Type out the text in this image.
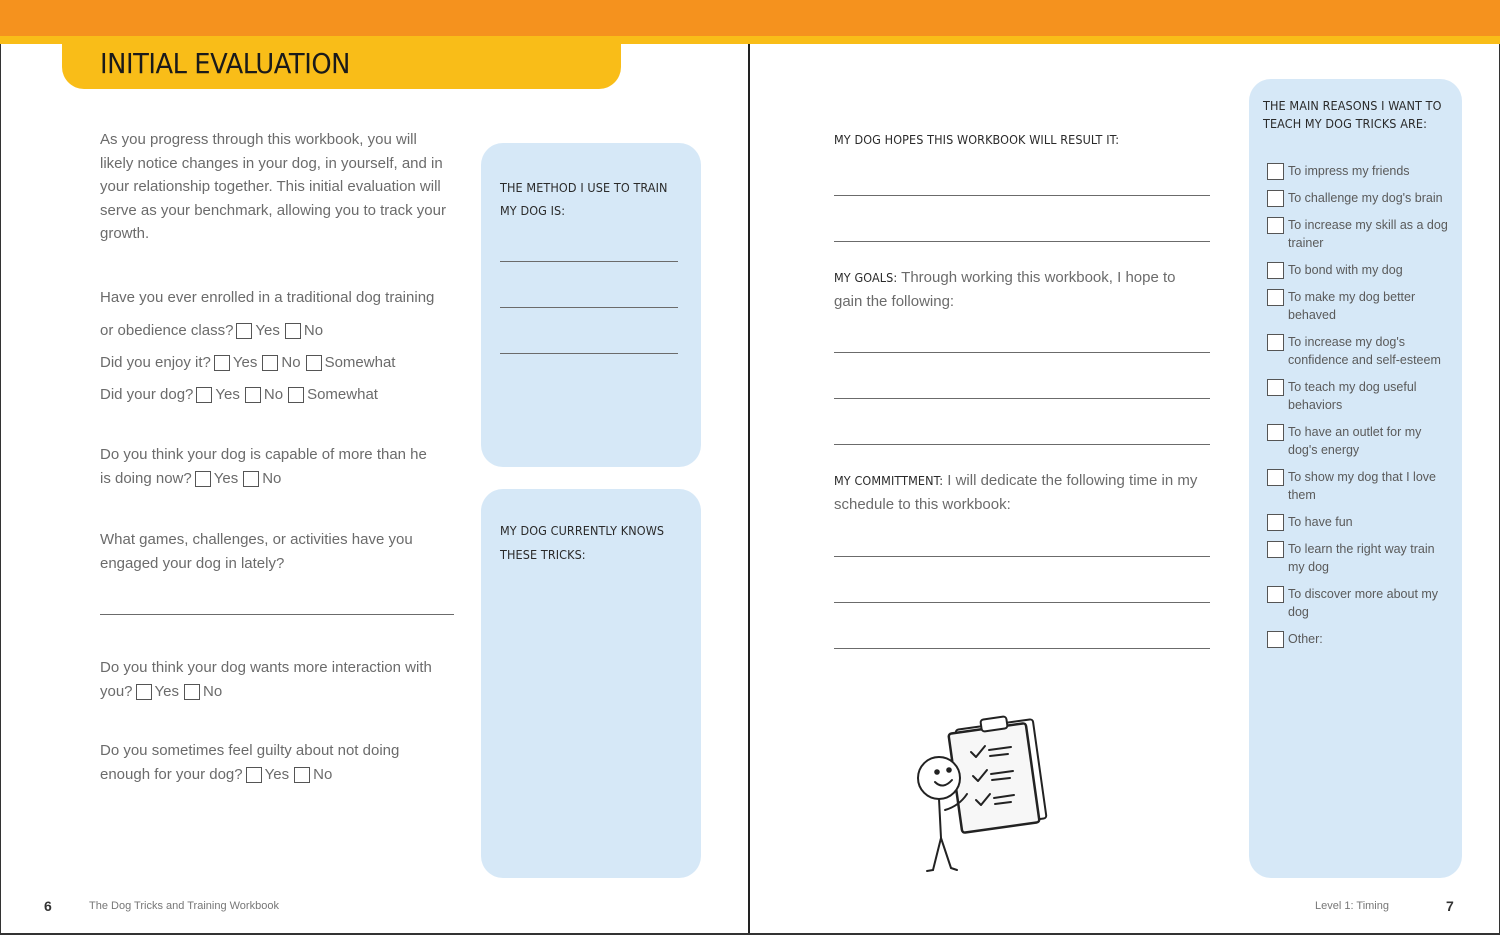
INITIAL EVALUATION
As you progress through this workbook, you will likely notice changes in your dog, in yourself, and in your relationship together. This initial evaluation will serve as your benchmark, allowing you to track your growth.
Have you ever enrolled in a traditional dog training
or obedience class? Yes No
Did you enjoy it? Yes No Somewhat
Did your dog? Yes No Somewhat
Do you think your dog is capable of more than he
is doing now? Yes No
What games, challenges, or activities have you engaged your dog in lately?
Do you think your dog wants more interaction with
you? Yes No
Do you sometimes feel guilty about not doing
enough for your dog? Yes No
THE METHOD I USE TO TRAIN
MY DOG IS:
MY DOG CURRENTLY KNOWS
THESE TRICKS:
MY DOG HOPES THIS WORKBOOK WILL RESULT IT:
MY GOALS: Through working this workbook, I hope to
gain the following:
MY COMMITTMENT: I will dedicate the following time in my
schedule to this workbook:
THE MAIN REASONS I WANT TO
TEACH MY DOG TRICKS ARE:
To impress my friends
To challenge my dog's brain
To increase my skill as a dog trainer
To bond with my dog
To make my dog better behaved
To increase my dog's confidence and self-esteem
To teach my dog useful behaviors
To have an outlet for my dog's energy
To show my dog that I love them
To have fun
To learn the right way train my dog
To discover more about my dog
Other:
6	The Dog Tricks and Training Workbook	Level 1: Timing	7
